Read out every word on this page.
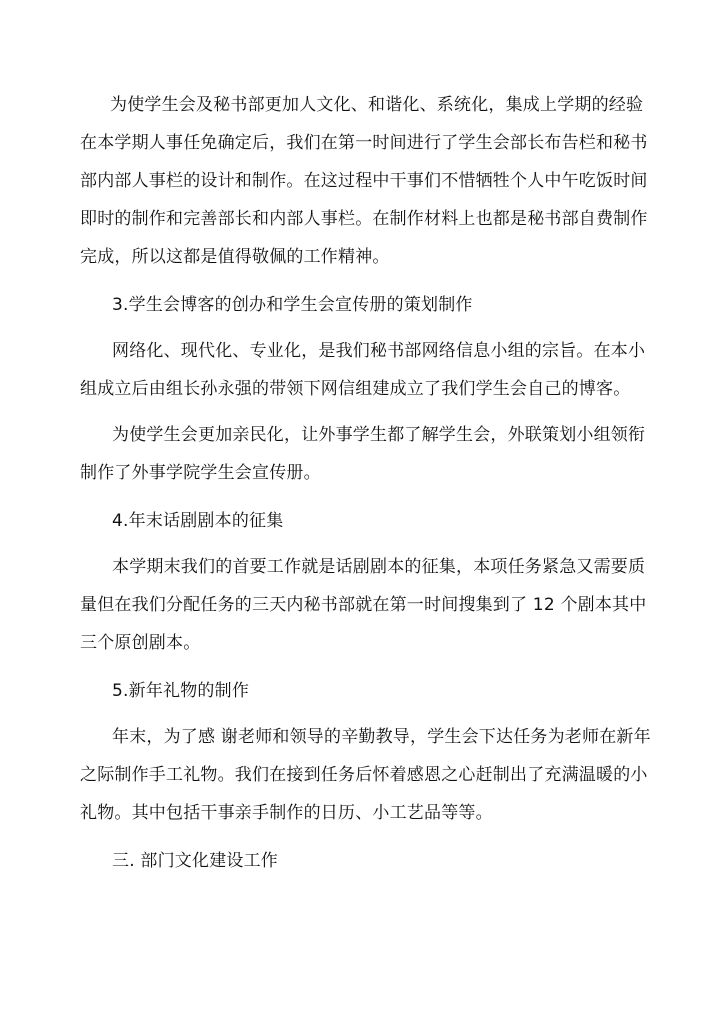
为使学生会及秘书部更加人文化、和谐化、系统化，集成上学期的经验
在本学期人事任免确定后，我们在第一时间进行了学生会部长布告栏和秘书
部内部人事栏的设计和制作。在这过程中干事们不惜牺牲个人中午吃饭时间
即时的制作和完善部长和内部人事栏。在制作材料上也都是秘书部自费制作
完成，所以这都是值得敬佩的工作精神。
3.学生会博客的创办和学生会宣传册的策划制作
网络化、现代化、专业化，是我们秘书部网络信息小组的宗旨。在本小
组成立后由组长孙永强的带领下网信组建成立了我们学生会自己的博客。
为使学生会更加亲民化，让外事学生都了解学生会，外联策划小组领衔
制作了外事学院学生会宣传册。
4.年末话剧剧本的征集
本学期末我们的首要工作就是话剧剧本的征集，本项任务紧急又需要质
量但在我们分配任务的三天内秘书部就在第一时间搜集到了 12 个剧本其中
三个原创剧本。
5.新年礼物的制作
年末，为了感 谢老师和领导的辛勤教导，学生会下达任务为老师在新年
之际制作手工礼物。我们在接到任务后怀着感恩之心赶制出了充满温暖的小
礼物。其中包括干事亲手制作的日历、小工艺品等等。
三. 部门文化建设工作
